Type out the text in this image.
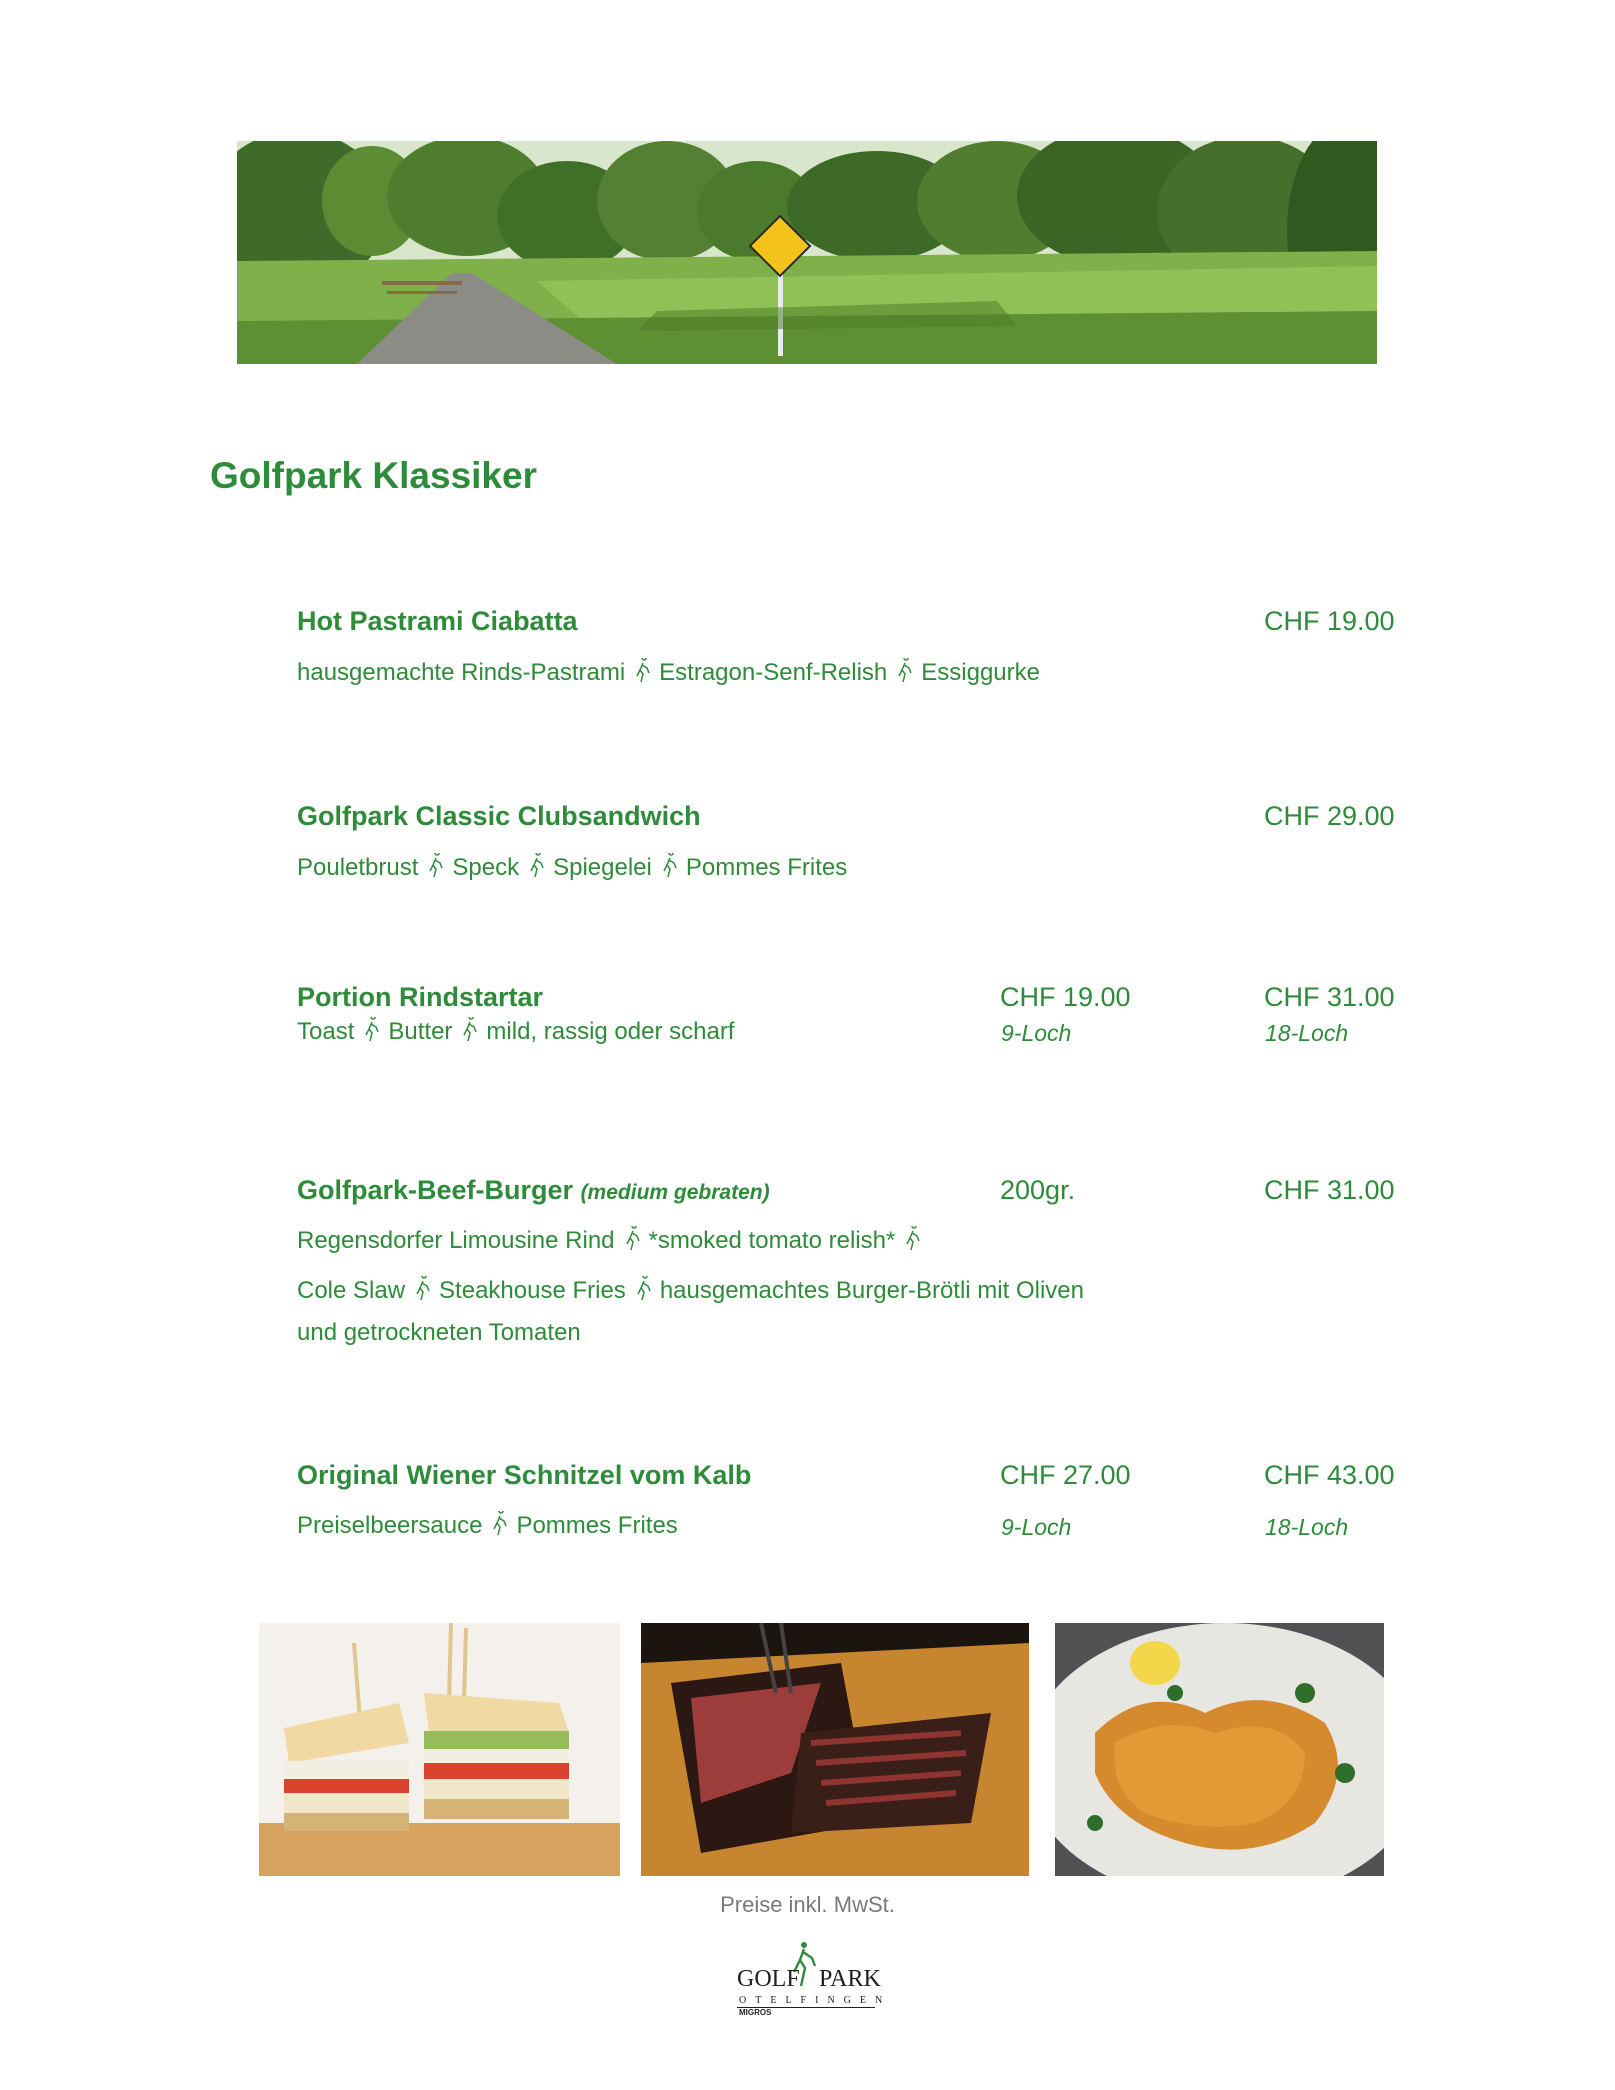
Golfpark Klassiker
Hot Pastrami Ciabatta	CHF 19.00
hausgemachte Rinds-Pastrami Estragon-Senf-Relish Essiggurke
Golfpark Classic Clubsandwich	CHF 29.00
Pouletbrust Speck Spiegelei Pommes Frites
Portion Rindstartar	CHF 19.00	CHF 31.00
Toast Butter mild, rassig oder scharf	9-Loch	18-Loch
Golfpark-Beef-Burger (medium gebraten)	200gr.	CHF 31.00
Regensdorfer Limousine Rind *smoked tomato relish*
Cole Slaw Steakhouse Fries hausgemachtes Burger-Brötli mit Oliven
und getrockneten Tomaten
Original Wiener Schnitzel vom Kalb	CHF 27.00	CHF 43.00
Preiselbeersauce Pommes Frites	9-Loch	18-Loch
Preise inkl. MwSt.
GOLF PARK
OTELFINGEN
MIGROS
